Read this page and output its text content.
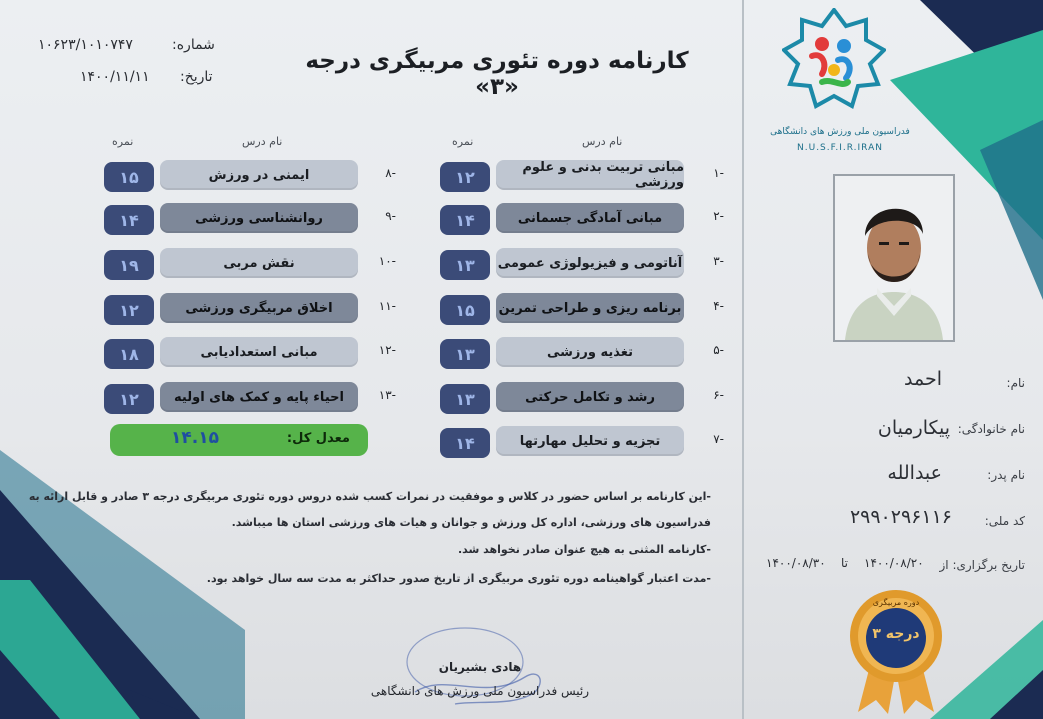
کارنامه دوره تئوری مربیگری درجه «۳»
شماره:
۱۰۶۲۳/۱۰۱۰۷۴۷
تاریخ:
۱۴۰۰/۱۱/۱۱
نام درس
نمره
نام درس
نمره
-۱
مبانی تربیت بدنی و علوم ورزشی
۱۲
-۲
مبانی آمادگی جسمانی
۱۴
-۳
آناتومی و فیزیولوژی عمومی
۱۳
-۴
برنامه ریزی و طراحی تمرین
۱۵
-۵
تغذیه ورزشی
۱۳
-۶
رشد و تکامل حرکتی
۱۳
-۷
تجزیه و تحلیل مهارتها
۱۴
-۸
ایمنی در ورزش
۱۵
-۹
روانشناسی ورزشی
۱۴
-۱۰
نقش مربی
۱۹
-۱۱
اخلاق مربیگری ورزشی
۱۲
-۱۲
مبانی استعدادیابی
۱۸
-۱۳
احیاء پایه و کمک های اولیه
۱۲
معدل کل:
۱۴.۱۵
-این کارنامه بر اساس حضور در کلاس و موفقیت در نمرات کسب شده دروس دوره تئوری مربیگری درجه ۳ صادر و قابل ارائه به
فدراسیون های ورزشی، اداره کل ورزش و جوانان و هیات های ورزشی استان ها میباشد.
-کارنامه المثنی به هیچ عنوان صادر نخواهد شد.
-مدت اعتبار گواهینامه دوره تئوری مربیگری از تاریخ صدور حداکثر به مدت سه سال خواهد بود.
هادی بشیریان
رئیس فدراسیون ملی ورزش های دانشگاهی
فدراسیون ملی ورزش های دانشگاهی
N.U.S.F.I.R.IRAN
نام:
احمد
نام خانوادگی:
پیکارمیان
نام پدر:
عبدالله
کد ملی:
۲۹۹۰۲۹۶۱۱۶
تاریخ برگزاری: از
۱۴۰۰/۰۸/۲۰
تا
۱۴۰۰/۰۸/۳۰
دوره مربیگری
درجه ۳
